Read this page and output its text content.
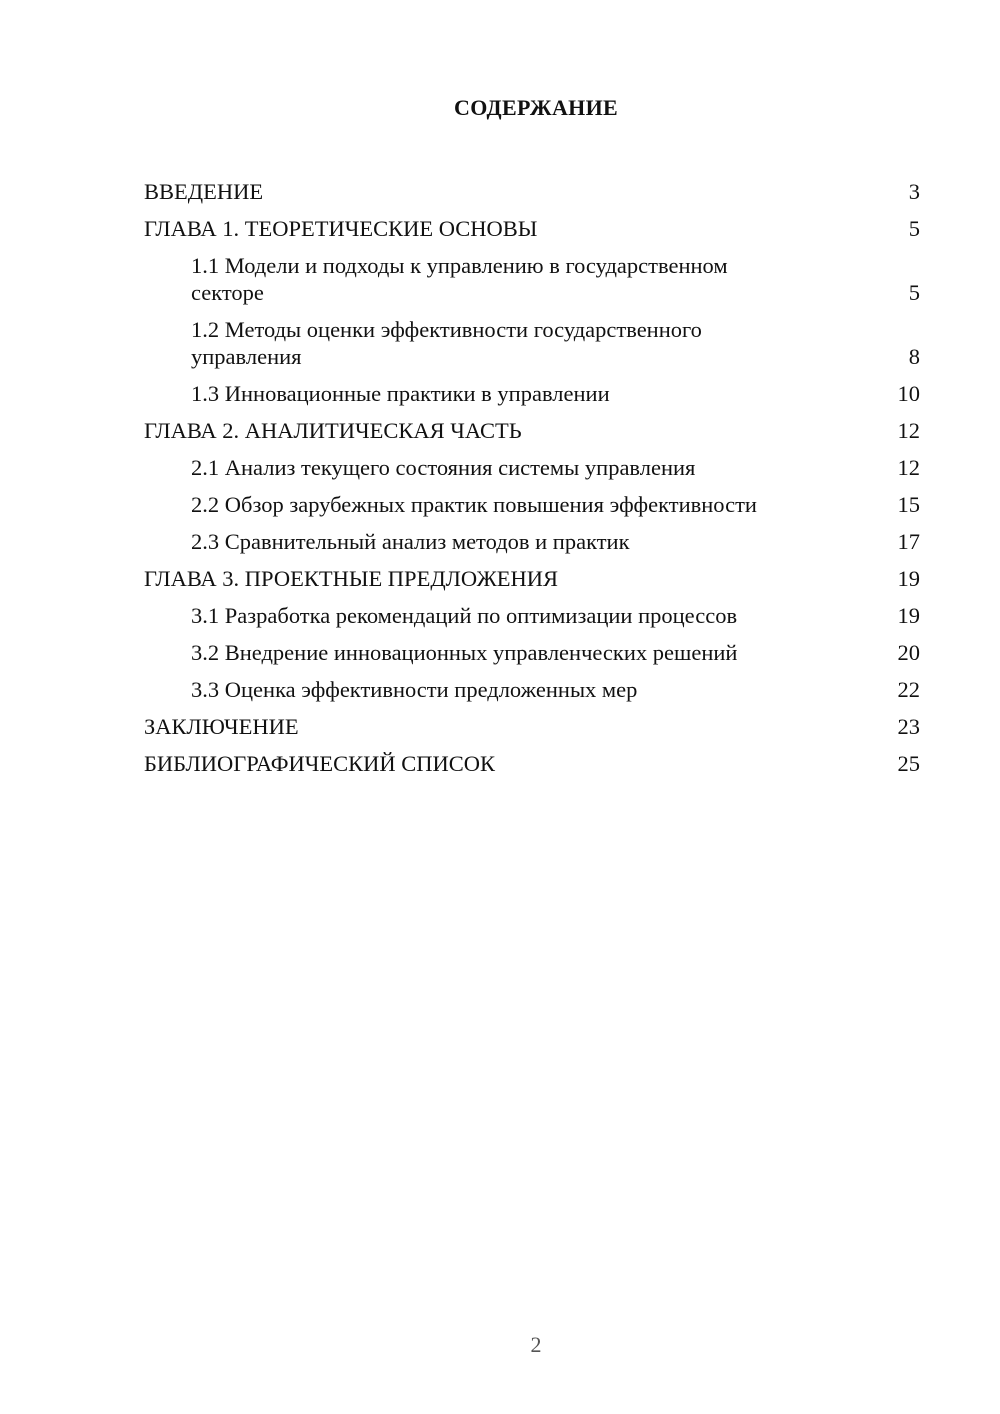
СОДЕРЖАНИЕ
ВВЕДЕНИЕ	3
ГЛАВА 1. ТЕОРЕТИЧЕСКИЕ ОСНОВЫ	5
1.1 Модели и подходы к управлению в государственном секторе	5
1.2 Методы оценки эффективности государственного управления	8
1.3 Инновационные практики в управлении	10
ГЛАВА 2. АНАЛИТИЧЕСКАЯ ЧАСТЬ	12
2.1 Анализ текущего состояния системы управления	12
2.2 Обзор зарубежных практик повышения эффективности	15
2.3 Сравнительный анализ методов и практик	17
ГЛАВА 3. ПРОЕКТНЫЕ ПРЕДЛОЖЕНИЯ	19
3.1 Разработка рекомендаций по оптимизации процессов	19
3.2 Внедрение инновационных управленческих решений	20
3.3 Оценка эффективности предложенных мер	22
ЗАКЛЮЧЕНИЕ	23
БИБЛИОГРАФИЧЕСКИЙ СПИСОК	25
2
